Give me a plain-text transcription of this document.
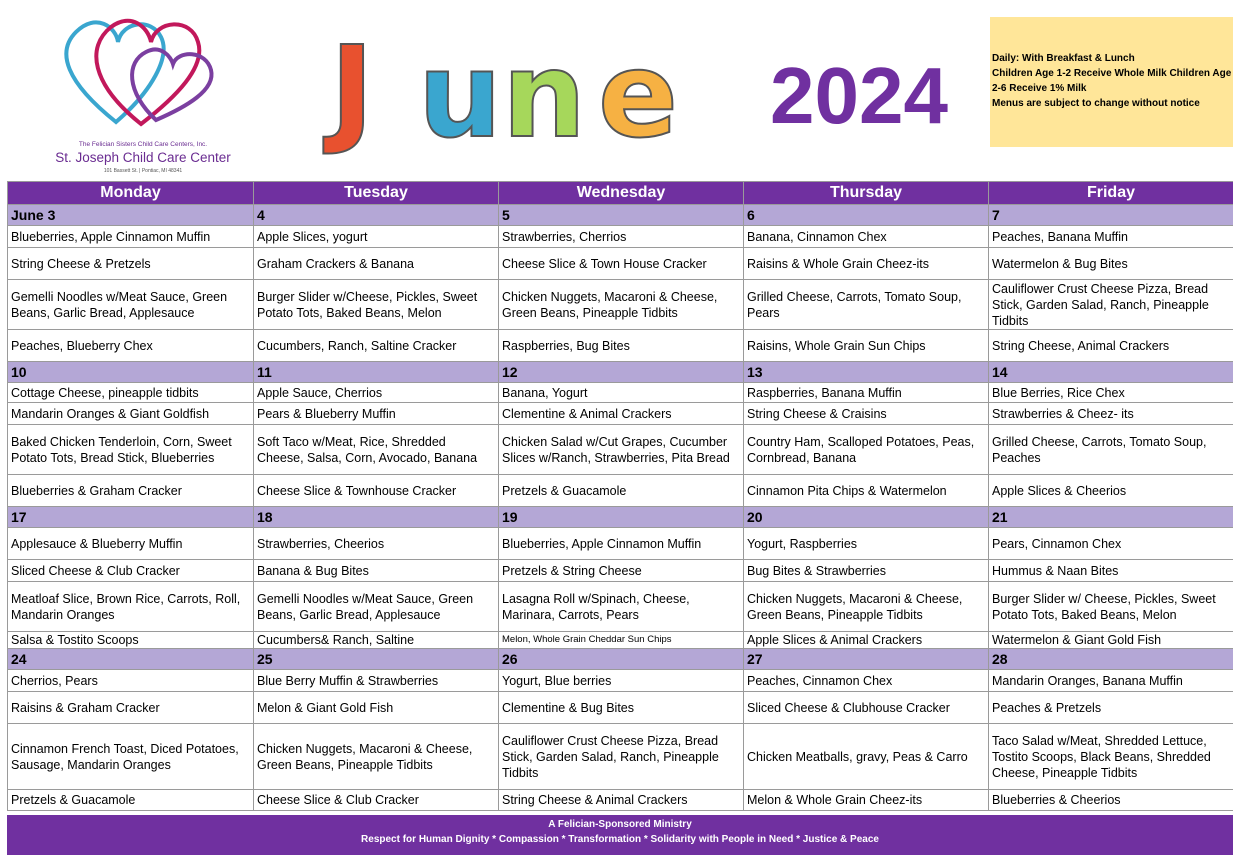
The Felician Sisters Child Care Centers, Inc.
St. Joseph Child Care Center
101 Bassett St. | Pontiac, MI 48341
J u n e 2024	Daily: With Breakfast & Lunch
Children Age 1-2 Receive Whole Milk Children Age
2-6 Receive 1% Milk
Menus are subject to change without notice
Monday	Tuesday	Wednesday	Thursday	Friday
June 3	4	5	6	7
Blueberries, Apple Cinnamon Muffin	Apple Slices, yogurt	Strawberries, Cherrios	Banana, Cinnamon Chex	Peaches, Banana Muffin
String Cheese & Pretzels	Graham Crackers & Banana	Cheese Slice & Town House Cracker	Raisins & Whole Grain Cheez-its	Watermelon & Bug Bites
Gemelli Noodles w/Meat Sauce, Green Beans, Garlic Bread, Applesauce	Burger Slider w/Cheese, Pickles, Sweet Potato Tots, Baked Beans, Melon	Chicken Nuggets, Macaroni & Cheese, Green Beans, Pineapple Tidbits	Grilled Cheese, Carrots, Tomato Soup, Pears	Cauliflower Crust Cheese Pizza, Bread Stick, Garden Salad, Ranch, Pineapple Tidbits
Peaches, Blueberry Chex	Cucumbers, Ranch, Saltine Cracker	Raspberries, Bug Bites	Raisins, Whole Grain Sun Chips	String Cheese, Animal Crackers
10	11	12	13	14
Cottage Cheese, pineapple tidbits	Apple Sauce, Cherrios	Banana, Yogurt	Raspberries, Banana Muffin	Blue Berries, Rice Chex
Mandarin Oranges & Giant Goldfish	Pears & Blueberry Muffin	Clementine & Animal Crackers	String Cheese & Craisins	Strawberries & Cheez- its
Baked Chicken Tenderloin, Corn, Sweet Potato Tots, Bread Stick, Blueberries	Soft Taco w/Meat, Rice, Shredded Cheese, Salsa, Corn, Avocado, Banana	Chicken Salad w/Cut Grapes, Cucumber Slices w/Ranch, Strawberries, Pita Bread	Country Ham, Scalloped Potatoes, Peas, Cornbread, Banana	Grilled Cheese, Carrots, Tomato Soup, Peaches
Blueberries & Graham Cracker	Cheese Slice & Townhouse Cracker	Pretzels & Guacamole	Cinnamon Pita Chips & Watermelon	Apple Slices & Cheerios
17	18	19	20	21
Applesauce & Blueberry Muffin	Strawberries, Cheerios	Blueberries, Apple Cinnamon Muffin	Yogurt, Raspberries	Pears, Cinnamon Chex
Sliced Cheese & Club Cracker	Banana & Bug Bites	Pretzels & String Cheese	Bug Bites & Strawberries	Hummus & Naan Bites
Meatloaf Slice, Brown Rice, Carrots, Roll, Mandarin Oranges	Gemelli Noodles w/Meat Sauce, Green Beans, Garlic Bread, Applesauce	Lasagna Roll w/Spinach, Cheese, Marinara, Carrots, Pears	Chicken Nuggets, Macaroni & Cheese, Green Beans, Pineapple Tidbits	Burger Slider w/ Cheese, Pickles, Sweet Potato Tots, Baked Beans, Melon
Salsa & Tostito Scoops	Cucumbers& Ranch, Saltine	Melon, Whole Grain Cheddar Sun Chips	Apple Slices & Animal Crackers	Watermelon & Giant Gold Fish
24	25	26	27	28
Cherrios, Pears	Blue Berry Muffin & Strawberries	Yogurt, Blue berries	Peaches, Cinnamon Chex	Mandarin Oranges, Banana Muffin
Raisins & Graham Cracker	Melon & Giant Gold Fish	Clementine & Bug Bites	Sliced Cheese & Clubhouse Cracker	Peaches & Pretzels
Cinnamon French Toast, Diced Potatoes, Sausage, Mandarin Oranges	Chicken Nuggets, Macaroni & Cheese, Green Beans, Pineapple Tidbits	Cauliflower Crust Cheese Pizza, Bread Stick, Garden Salad, Ranch, Pineapple Tidbits	Chicken Meatballs, gravy, Peas & Carro	Taco Salad w/Meat, Shredded Lettuce, Tostito Scoops, Black Beans, Shredded Cheese, Pineapple Tidbits
Pretzels & Guacamole	Cheese Slice & Club Cracker	String Cheese & Animal Crackers	Melon & Whole Grain Cheez-its	Blueberries & Cheerios
A Felician-Sponsored Ministry
Respect for Human Dignity * Compassion * Transformation * Solidarity with People in Need * Justice & Peace
